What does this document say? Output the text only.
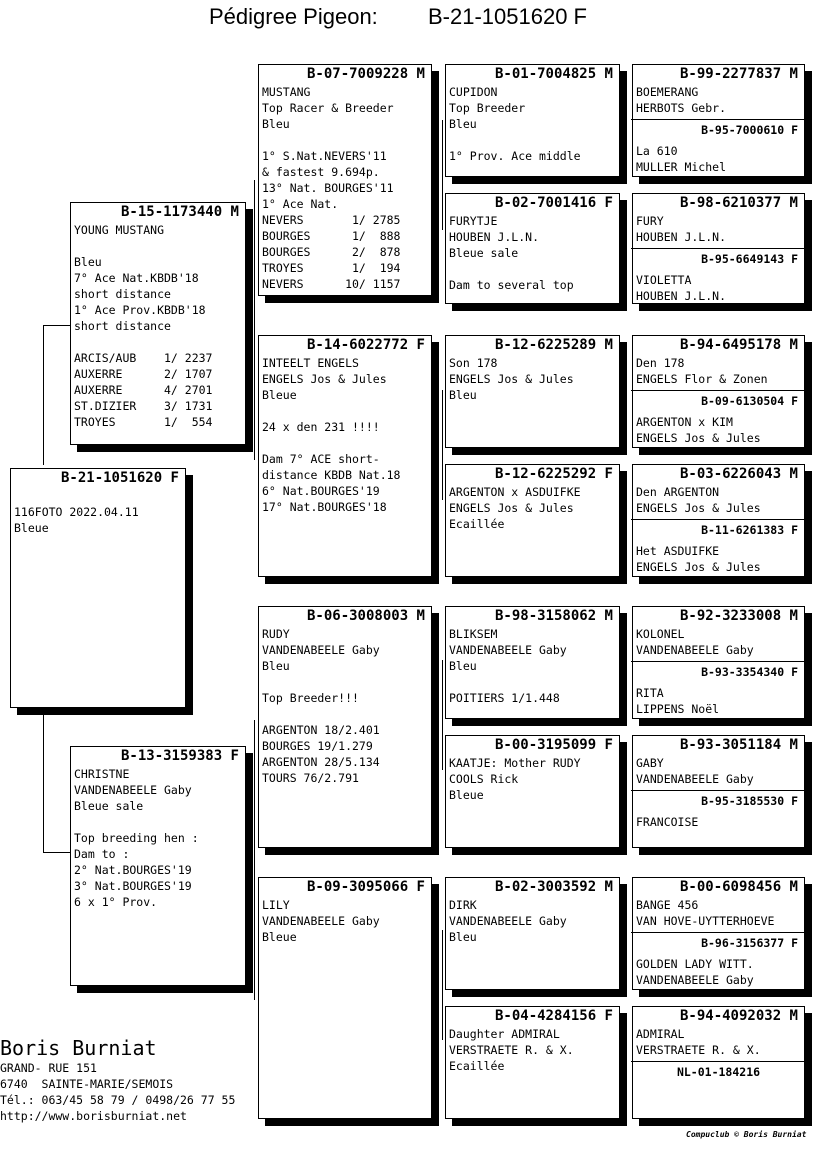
Pédigree Pigeon: B-21-1051620 F
B-21-1051620 F
116FOTO 2022.04.11
Bleue
B-15-1173440 M
YOUNG MUSTANG
Bleu
7° Ace Nat.KBDB'18
short distance
1° Ace Prov.KBDB'18
short distance
ARCIS/AUB    1/ 2237
AUXERRE      2/ 1707
AUXERRE      4/ 2701
ST.DIZIER    3/ 1731
TROYES       1/  554
B-13-3159383 F
CHRISTNE
VANDENABEELE Gaby
Bleue sale
Top breeding hen :
Dam to :
2° Nat.BOURGES'19
3° Nat.BOURGES'19
6 x 1° Prov.
B-07-7009228 M
MUSTANG
Top Racer & Breeder
Bleu
1° S.Nat.NEVERS'11
& fastest 9.694p.
13° Nat. BOURGES'11
1° Ace Nat.
NEVERS       1/ 2785
BOURGES      1/  888
BOURGES      2/  878
TROYES       1/  194
NEVERS      10/ 1157
B-14-6022772 F
INTEELT ENGELS
ENGELS Jos & Jules
Bleue
24 x den 231 !!!!
Dam 7° ACE short-
distance KBDB Nat.18
6° Nat.BOURGES'19
17° Nat.BOURGES'18
B-06-3008003 M
RUDY
VANDENABEELE Gaby
Bleu
Top Breeder!!!
ARGENTON 18/2.401
BOURGES 19/1.279
ARGENTON 28/5.134
TOURS 76/2.791
B-09-3095066 F
LILY
VANDENABEELE Gaby
Bleue
B-01-7004825 M
CUPIDON
Top Breeder
Bleu
1° Prov. Ace middle
B-02-7001416 F
FURYTJE
HOUBEN J.L.N.
Bleue sale
Dam to several top
B-12-6225289 M
Son 178
ENGELS Jos & Jules
Bleu
B-12-6225292 F
ARGENTON x ASDUIFKE
ENGELS Jos & Jules
Ecaillée
B-98-3158062 M
BLIKSEM
VANDENABEELE Gaby
Bleu
POITIERS 1/1.448
B-00-3195099 F
KAATJE: Mother RUDY
COOLS Rick
Bleue
B-02-3003592 M
DIRK
VANDENABEELE Gaby
Bleu
B-04-4284156 F
Daughter ADMIRAL
VERSTRAETE R. & X.
Ecaillée
B-99-2277837 M
BOEMERANG
HERBOTS Gebr.
B-95-7000610 F
La 610
MULLER Michel
B-98-6210377 M
FURY
HOUBEN J.L.N.
B-95-6649143 F
VIOLETTA
HOUBEN J.L.N.
B-94-6495178 M
Den 178
ENGELS Flor & Zonen
B-09-6130504 F
ARGENTON x KIM
ENGELS Jos & Jules
B-03-6226043 M
Den ARGENTON
ENGELS Jos & Jules
B-11-6261383 F
Het ASDUIFKE
ENGELS Jos & Jules
B-92-3233008 M
KOLONEL
VANDENABEELE Gaby
B-93-3354340 F
RITA
LIPPENS Noël
B-93-3051184 M
GABY
VANDENABEELE Gaby
B-95-3185530 F
FRANCOISE
B-00-6098456 M
BANGE 456
VAN HOVE-UYTTERHOEVE
B-96-3156377 F
GOLDEN LADY WITT.
VANDENABEELE Gaby
B-94-4092032 M
ADMIRAL
VERSTRAETE R. & X.
NL-01-184216
Boris Burniat
GRAND- RUE 151
6740  SAINTE-MARIE/SEMOIS
Tél.: 063/45 58 79 / 0498/26 77 55
http://www.borisburniat.net
Compuclub © Boris Burniat
